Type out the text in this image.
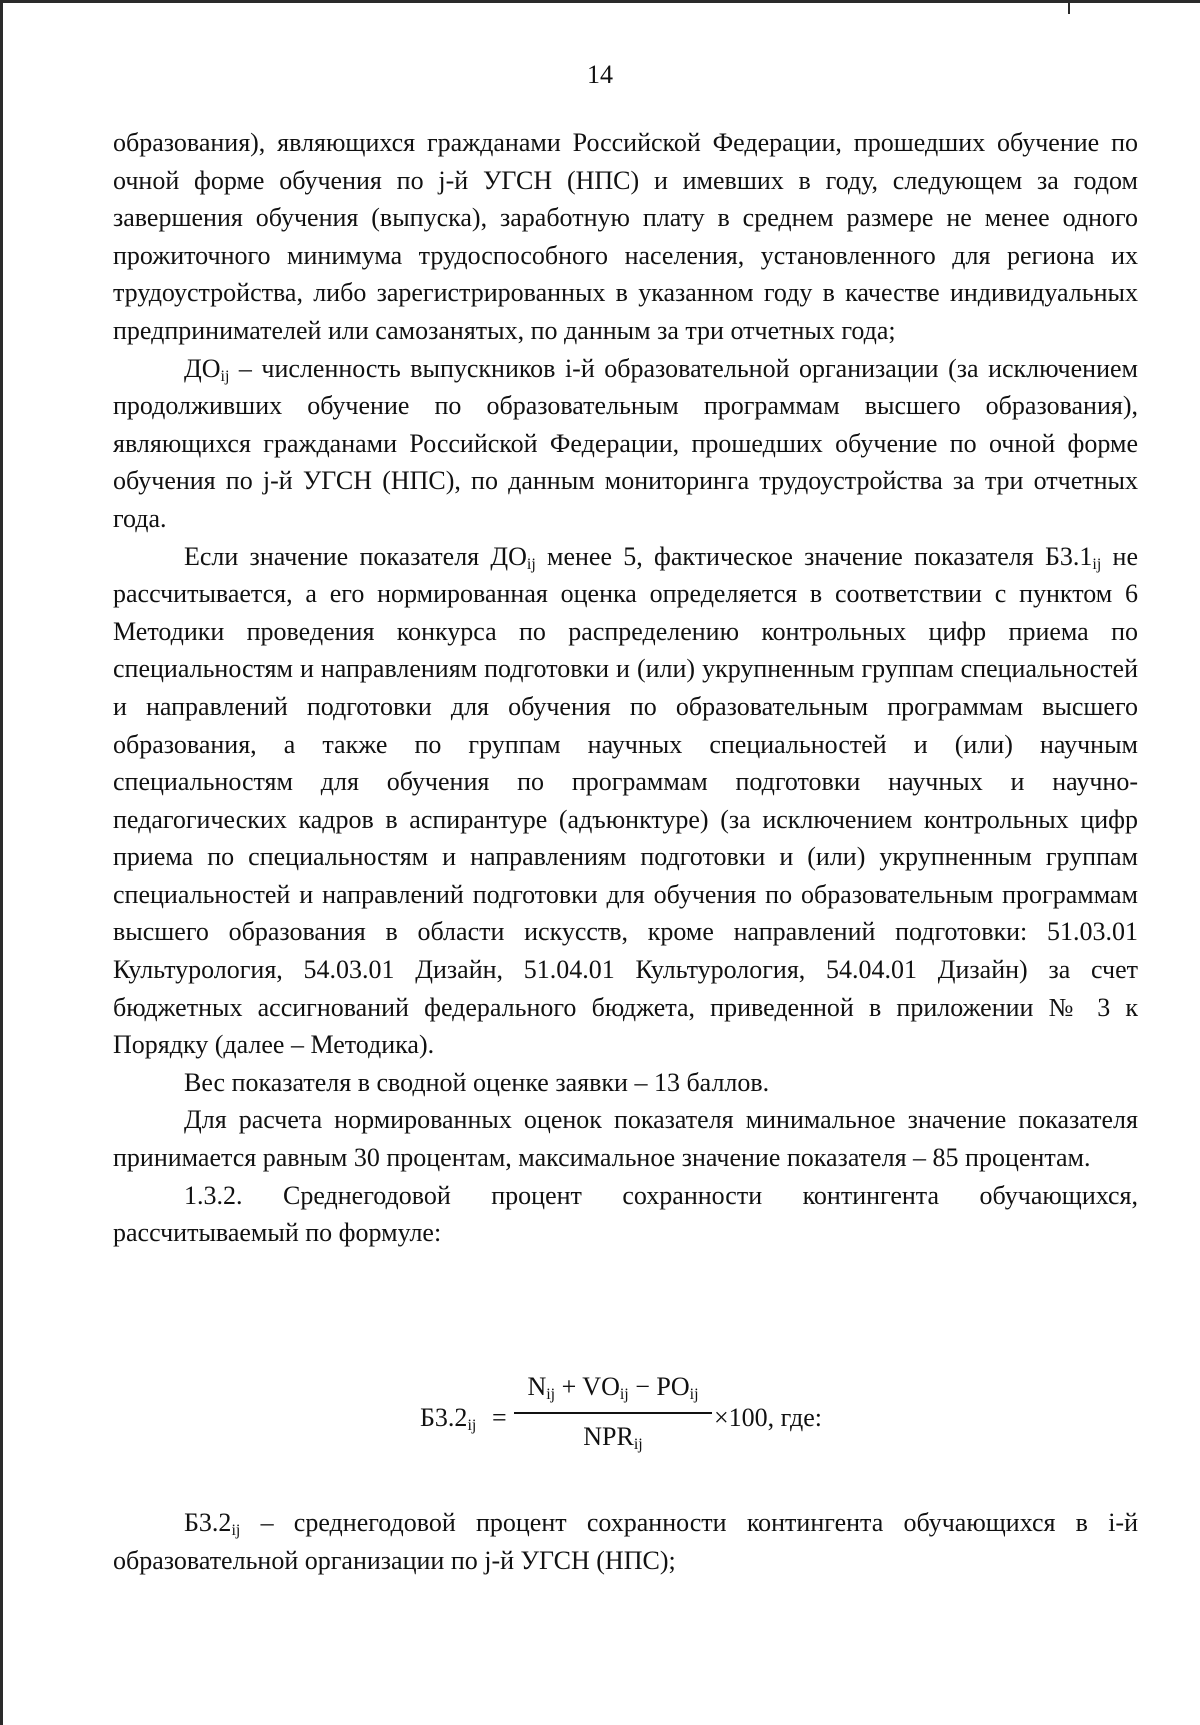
14

образования), являющихся гражданами Российской Федерации, прошедших обучение по очной форме обучения по j-й УГСН (НПС) и имевших в году, следующем за годом завершения обучения (выпуска), заработную плату в среднем размере не менее одного прожиточного минимума трудоспособного населения, установленного для региона их трудоустройства, либо зарегистрированных в указанном году в качестве индивидуальных предпринимателей или самозанятых, по данным за три отчетных года;

$ДО_{ij}$ – численность выпускников i-й образовательной организации (за исключением продолживших обучение по образовательным программам высшего образования), являющихся гражданами Российской Федерации, прошедших обучение по очной форме обучения по j-й УГСН (НПС), по данным мониторинга трудоустройства за три отчетных года.

Если значение показателя $ДО_{ij}$ менее 5, фактическое значение показателя $Б3.1_{ij}$ не рассчитывается, а его нормированная оценка определяется в соответствии с пунктом 6 Методики проведения конкурса по распределению контрольных цифр приема по специальностям и направлениям подготовки и (или) укрупненным группам специальностей и направлений подготовки для обучения по образовательным программам высшего образования, а также по группам научных специальностей и (или) научным специальностям для обучения по программам подготовки научных и научно-педагогических кадров в аспирантуре (адъюнктуре) (за исключением контрольных цифр приема по специальностям и направлениям подготовки и (или) укрупненным группам специальностей и направлений подготовки для обучения по образовательным программам высшего образования в области искусств, кроме направлений подготовки: 51.03.01 Культурология, 54.03.01 Дизайн, 51.04.01 Культурология, 54.04.01 Дизайн) за счет бюджетных ассигнований федерального бюджета, приведенной в приложении № 3 к Порядку (далее – Методика).

Вес показателя в сводной оценке заявки – 13 баллов.

Для расчета нормированных оценок показателя минимальное значение показателя принимается равным 30 процентам, максимальное значение показателя – 85 процентам.

1.3.2. Среднегодовой процент сохранности контингента обучающихся, рассчитываемый по формуле:

$Б3.2_{ij}$ =
$N_{ij} + VO_{ij} - PO_{ij}$
$NPR_{ij}$
×100, где:

$Б3.2_{ij}$ – среднегодовой процент сохранности контингента обучающихся в i-й образовательной организации по j-й УГСН (НПС);
